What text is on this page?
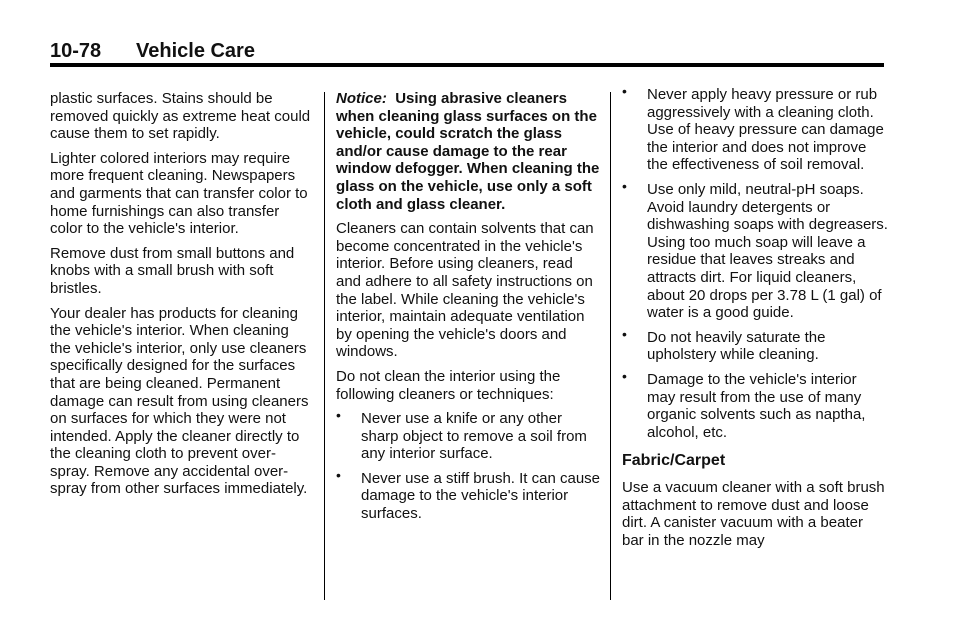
10-78 Vehicle Care

plastic surfaces. Stains should be removed quickly as extreme heat could cause them to set rapidly.

Lighter colored interiors may require more frequent cleaning. Newspapers and garments that can transfer color to home furnishings can also transfer color to the vehicle's interior.

Remove dust from small buttons and knobs with a small brush with soft bristles.

Your dealer has products for cleaning the vehicle's interior. When cleaning the vehicle's interior, only use cleaners specifically designed for the surfaces that are being cleaned. Permanent damage can result from using cleaners on surfaces for which they were not intended. Apply the cleaner directly to the cleaning cloth to prevent over-spray. Remove any accidental over-spray from other surfaces immediately.

Notice: Using abrasive cleaners when cleaning glass surfaces on the vehicle, could scratch the glass and/or cause damage to the rear window defogger. When cleaning the glass on the vehicle, use only a soft cloth and glass cleaner.

Cleaners can contain solvents that can become concentrated in the vehicle's interior. Before using cleaners, read and adhere to all safety instructions on the label. While cleaning the vehicle's interior, maintain adequate ventilation by opening the vehicle's doors and windows.

Do not clean the interior using the following cleaners or techniques:

• Never use a knife or any other sharp object to remove a soil from any interior surface.
• Never use a stiff brush. It can cause damage to the vehicle's interior surfaces.
• Never apply heavy pressure or rub aggressively with a cleaning cloth. Use of heavy pressure can damage the interior and does not improve the effectiveness of soil removal.
• Use only mild, neutral-pH soaps. Avoid laundry detergents or dishwashing soaps with degreasers. Using too much soap will leave a residue that leaves streaks and attracts dirt. For liquid cleaners, about 20 drops per 3.78 L (1 gal) of water is a good guide.
• Do not heavily saturate the upholstery while cleaning.
• Damage to the vehicle's interior may result from the use of many organic solvents such as naptha, alcohol, etc.
Fabric/Carpet

Use a vacuum cleaner with a soft brush attachment to remove dust and loose dirt. A canister vacuum with a beater bar in the nozzle may
